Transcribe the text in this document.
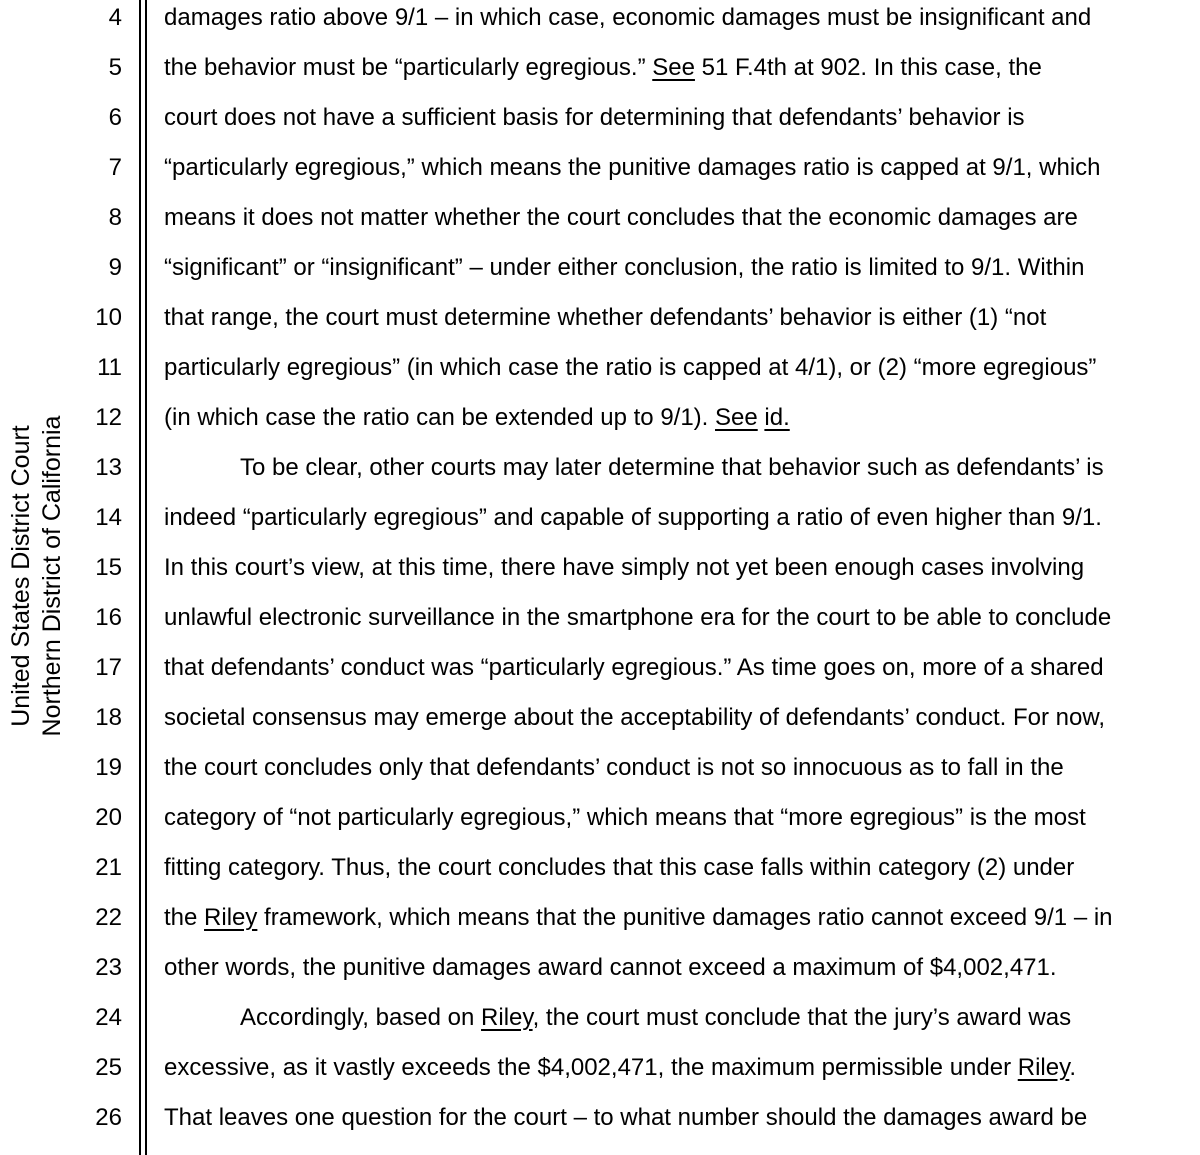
United States District Court Northern District of California
4
5
6
7
8
9
10
11
12
13
14
15
16
17
18
19
20
21
22
23
24
25
26
damages ratio above 9/1 – in which case, economic damages must be insignificant and
the behavior must be “particularly egregious.” See 51 F.4th at 902. In this case, the
court does not have a sufficient basis for determining that defendants’ behavior is
“particularly egregious,” which means the punitive damages ratio is capped at 9/1, which
means it does not matter whether the court concludes that the economic damages are
“significant” or “insignificant” – under either conclusion, the ratio is limited to 9/1. Within
that range, the court must determine whether defendants’ behavior is either (1) “not
particularly egregious” (in which case the ratio is capped at 4/1), or (2) “more egregious”
(in which case the ratio can be extended up to 9/1). See id.
To be clear, other courts may later determine that behavior such as defendants’ is
indeed “particularly egregious” and capable of supporting a ratio of even higher than 9/1.
In this court’s view, at this time, there have simply not yet been enough cases involving
unlawful electronic surveillance in the smartphone era for the court to be able to conclude
that defendants’ conduct was “particularly egregious.” As time goes on, more of a shared
societal consensus may emerge about the acceptability of defendants’ conduct. For now,
the court concludes only that defendants’ conduct is not so innocuous as to fall in the
category of “not particularly egregious,” which means that “more egregious” is the most
fitting category. Thus, the court concludes that this case falls within category (2) under
the Riley framework, which means that the punitive damages ratio cannot exceed 9/1 – in
other words, the punitive damages award cannot exceed a maximum of $4,002,471.
Accordingly, based on Riley, the court must conclude that the jury’s award was
excessive, as it vastly exceeds the $4,002,471, the maximum permissible under Riley.
That leaves one question for the court – to what number should the damages award be
